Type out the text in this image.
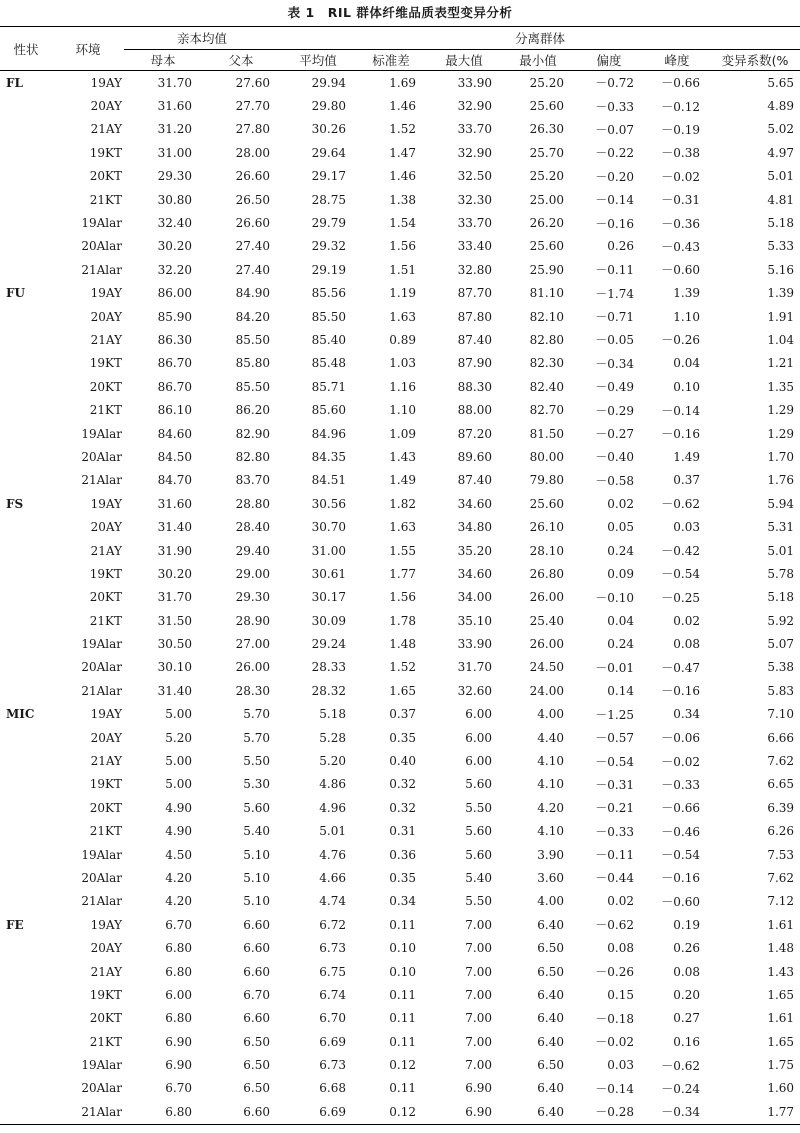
表 1　RIL 群体纤维品质表型变异分析
性状	环境	亲本均值		分离群体						
		母本	父本	平均值	标准差	最大值	最小值	偏度	峰度	变异系数(%
FL	19AY	31.70	27.60	29.94	1.69	33.90	25.20	－0.72	－0.66	5.65
	20AY	31.60	27.70	29.80	1.46	32.90	25.60	－0.33	－0.12	4.89
	21AY	31.20	27.80	30.26	1.52	33.70	26.30	－0.07	－0.19	5.02
	19KT	31.00	28.00	29.64	1.47	32.90	25.70	－0.22	－0.38	4.97
	20KT	29.30	26.60	29.17	1.46	32.50	25.20	－0.20	－0.02	5.01
	21KT	30.80	26.50	28.75	1.38	32.30	25.00	－0.14	－0.31	4.81
	19Alar	32.40	26.60	29.79	1.54	33.70	26.20	－0.16	－0.36	5.18
	20Alar	30.20	27.40	29.32	1.56	33.40	25.60	0.26	－0.43	5.33
	21Alar	32.20	27.40	29.19	1.51	32.80	25.90	－0.11	－0.60	5.16
FU	19AY	86.00	84.90	85.56	1.19	87.70	81.10	－1.74	1.39	1.39
	20AY	85.90	84.20	85.50	1.63	87.80	82.10	－0.71	1.10	1.91
	21AY	86.30	85.50	85.40	0.89	87.40	82.80	－0.05	－0.26	1.04
	19KT	86.70	85.80	85.48	1.03	87.90	82.30	－0.34	0.04	1.21
	20KT	86.70	85.50	85.71	1.16	88.30	82.40	－0.49	0.10	1.35
	21KT	86.10	86.20	85.60	1.10	88.00	82.70	－0.29	－0.14	1.29
	19Alar	84.60	82.90	84.96	1.09	87.20	81.50	－0.27	－0.16	1.29
	20Alar	84.50	82.80	84.35	1.43	89.60	80.00	－0.40	1.49	1.70
	21Alar	84.70	83.70	84.51	1.49	87.40	79.80	－0.58	0.37	1.76
FS	19AY	31.60	28.80	30.56	1.82	34.60	25.60	0.02	－0.62	5.94
	20AY	31.40	28.40	30.70	1.63	34.80	26.10	0.05	0.03	5.31
	21AY	31.90	29.40	31.00	1.55	35.20	28.10	0.24	－0.42	5.01
	19KT	30.20	29.00	30.61	1.77	34.60	26.80	0.09	－0.54	5.78
	20KT	31.70	29.30	30.17	1.56	34.00	26.00	－0.10	－0.25	5.18
	21KT	31.50	28.90	30.09	1.78	35.10	25.40	0.04	0.02	5.92
	19Alar	30.50	27.00	29.24	1.48	33.90	26.00	0.24	0.08	5.07
	20Alar	30.10	26.00	28.33	1.52	31.70	24.50	－0.01	－0.47	5.38
	21Alar	31.40	28.30	28.32	1.65	32.60	24.00	0.14	－0.16	5.83
MIC	19AY	5.00	5.70	5.18	0.37	6.00	4.00	－1.25	0.34	7.10
	20AY	5.20	5.70	5.28	0.35	6.00	4.40	－0.57	－0.06	6.66
	21AY	5.00	5.50	5.20	0.40	6.00	4.10	－0.54	－0.02	7.62
	19KT	5.00	5.30	4.86	0.32	5.60	4.10	－0.31	－0.33	6.65
	20KT	4.90	5.60	4.96	0.32	5.50	4.20	－0.21	－0.66	6.39
	21KT	4.90	5.40	5.01	0.31	5.60	4.10	－0.33	－0.46	6.26
	19Alar	4.50	5.10	4.76	0.36	5.60	3.90	－0.11	－0.54	7.53
	20Alar	4.20	5.10	4.66	0.35	5.40	3.60	－0.44	－0.16	7.62
	21Alar	4.20	5.10	4.74	0.34	5.50	4.00	0.02	－0.60	7.12
FE	19AY	6.70	6.60	6.72	0.11	7.00	6.40	－0.62	0.19	1.61
	20AY	6.80	6.60	6.73	0.10	7.00	6.50	0.08	0.26	1.48
	21AY	6.80	6.60	6.75	0.10	7.00	6.50	－0.26	0.08	1.43
	19KT	6.00	6.70	6.74	0.11	7.00	6.40	0.15	0.20	1.65
	20KT	6.80	6.60	6.70	0.11	7.00	6.40	－0.18	0.27	1.61
	21KT	6.90	6.50	6.69	0.11	7.00	6.40	－0.02	0.16	1.65
	19Alar	6.90	6.50	6.73	0.12	7.00	6.50	0.03	－0.62	1.75
	20Alar	6.70	6.50	6.68	0.11	6.90	6.40	－0.14	－0.24	1.60
	21Alar	6.80	6.60	6.69	0.12	6.90	6.40	－0.28	－0.34	1.77
